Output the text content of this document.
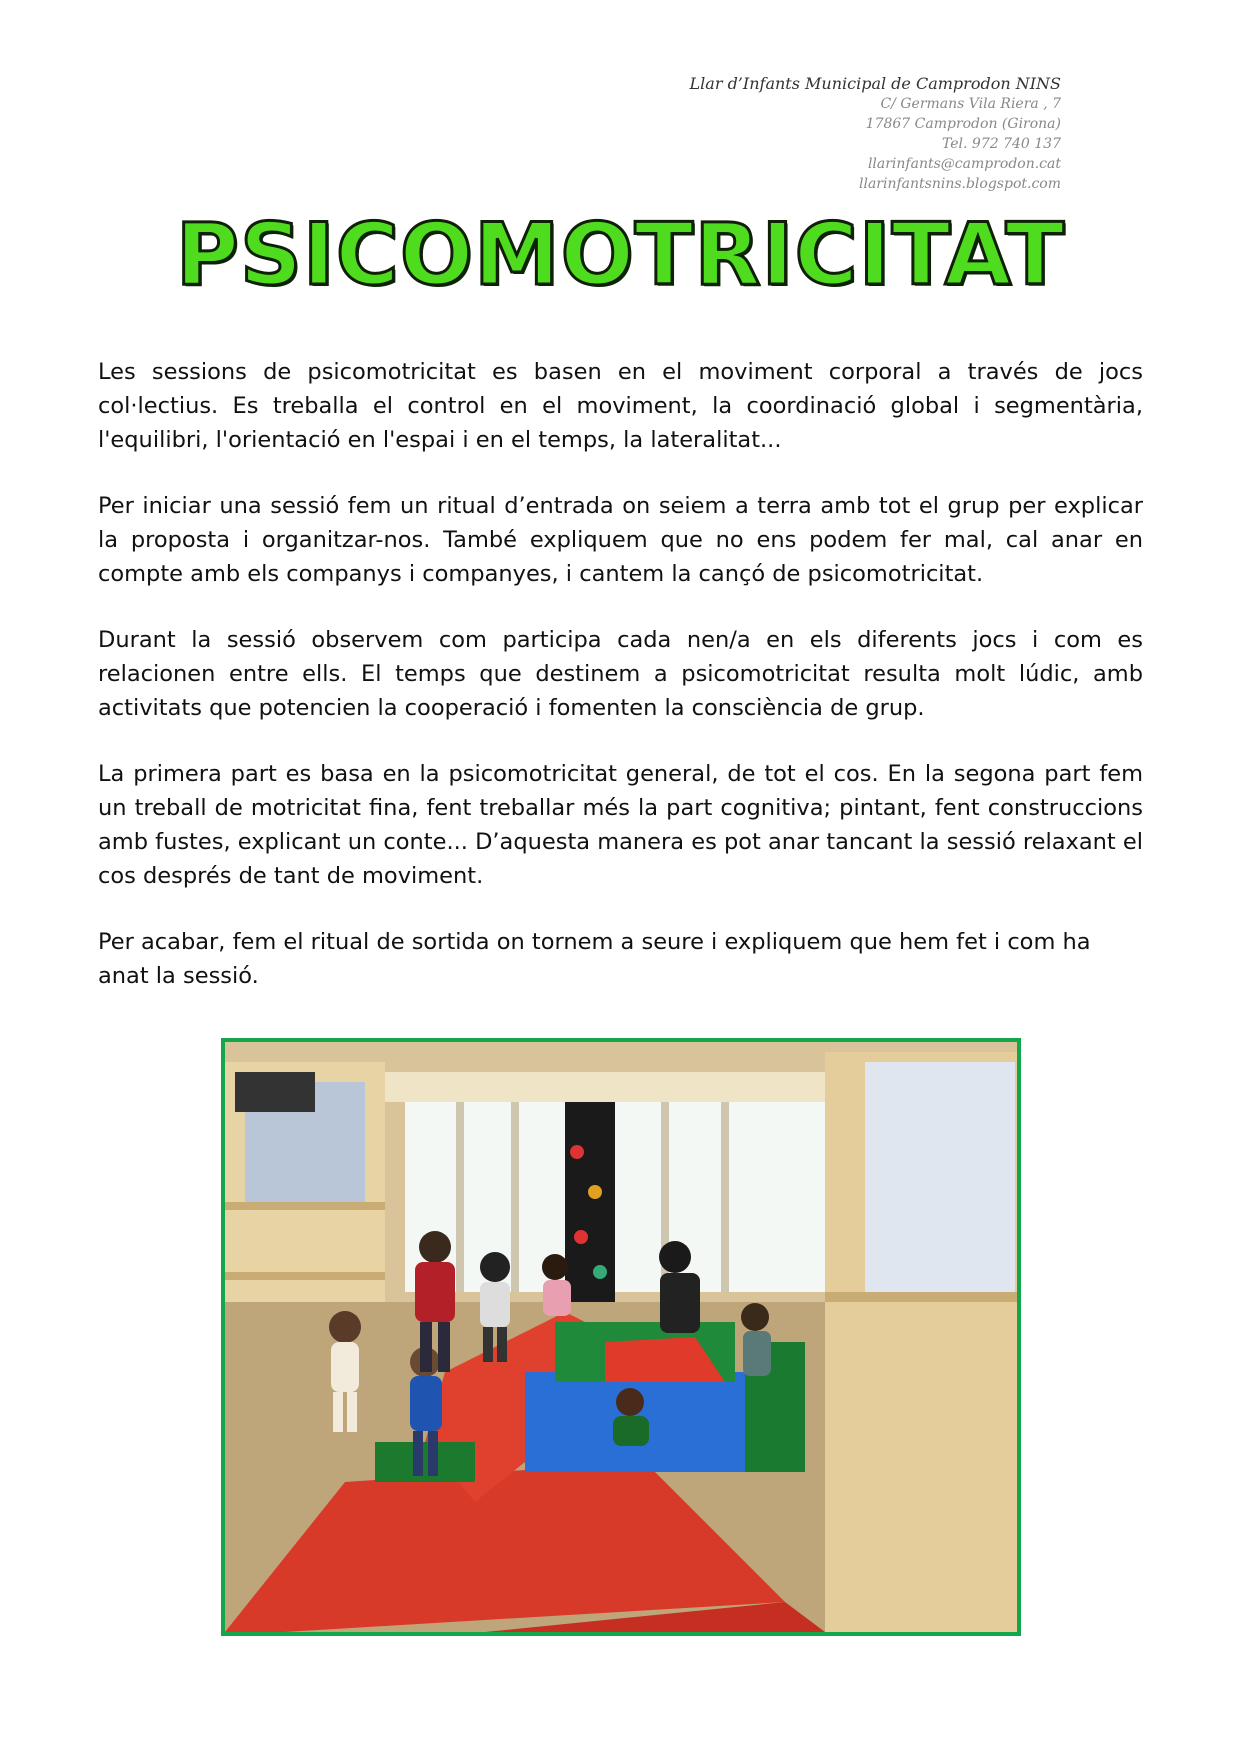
Llar d’Infants Municipal de Camprodon NINS
C/ Germans Vila Riera , 7
17867 Camprodon (Girona)
Tel. 972 740 137
llarinfants@camprodon.cat
llarinfantsnins.blogspot.com
PSICOMOTRICITAT

Les sessions de psicomotricitat es basen en el moviment corporal a través de jocs col·lectius. Es treballa el control en el moviment, la coordinació global i segmentària, l'equilibri, l'orientació en l'espai i en el temps, la lateralitat...

Per iniciar una sessió fem un ritual d’entrada on seiem a terra amb tot el grup per explicar la proposta i organitzar-nos. També expliquem que no ens podem fer mal, cal anar en compte amb els companys i companyes, i cantem la cançó de psicomotricitat.

Durant la sessió observem com participa cada nen/a en els diferents jocs i com es relacionen entre ells. El temps que destinem a psicomotricitat resulta molt lúdic, amb activitats que potencien la cooperació i fomenten la consciència de grup.

La primera part es basa en la psicomotricitat general, de tot el cos. En la segona part fem un treball de motricitat fina, fent treballar més la part cognitiva; pintant, fent construccions amb fustes, explicant un conte... D’aquesta manera es pot anar tancant la sessió relaxant el cos després de tant de moviment.

Per acabar, fem el ritual de sortida on tornem a seure i expliquem que hem fet i com ha anat la sessió.
